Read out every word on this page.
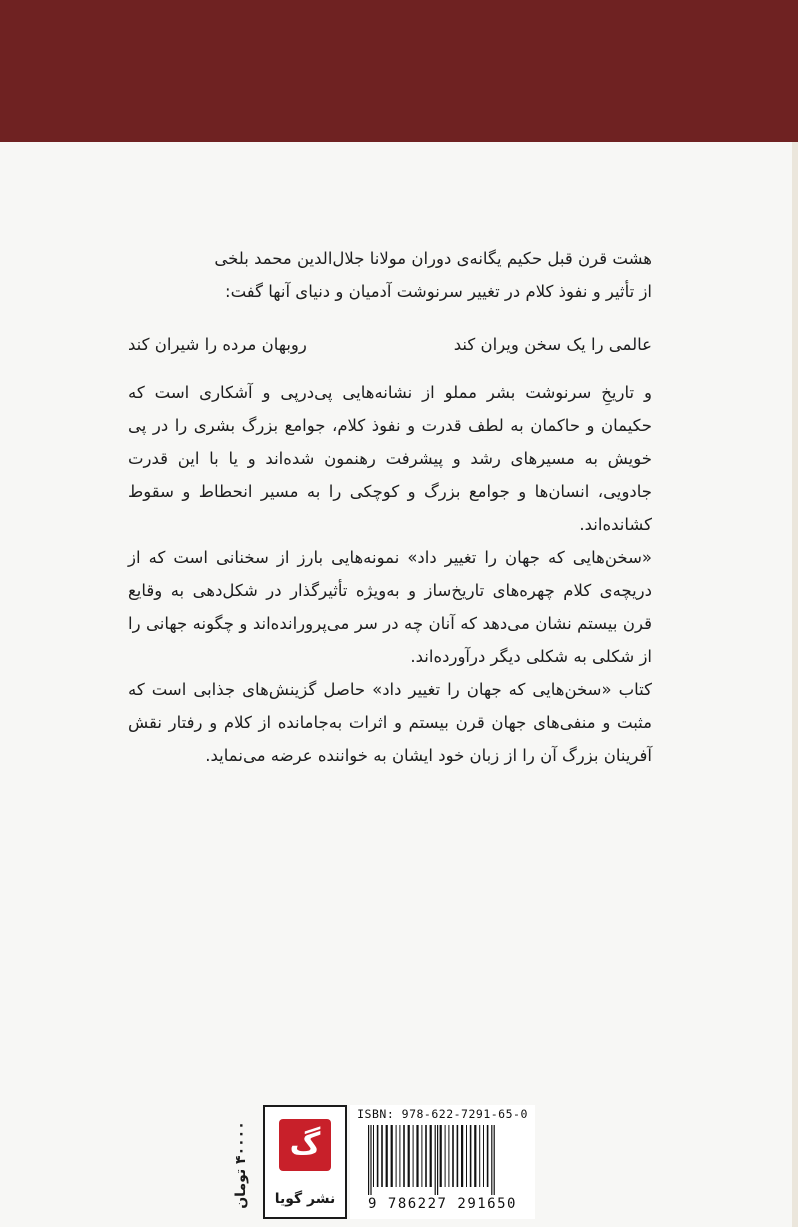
هشت قرن قبل حکیم یگانه‌ی دوران مولانا جلال‌الدین محمد بلخی

از تأثیر و نفوذ کلام در تغییر سرنوشت آدمیان و دنیای آنها گفت:

عالمی را یک سخن ویران کند
روبهان مرده را شیران کند

و تاریخِ سرنوشت بشر مملو از نشانه‌هایی پی‌درپی و آشکاری است که حکیمان و حاکمان به لطف قدرت و نفوذ کلام، جوامع بزرگ بشری را در پی خویش به مسیرهای رشد و پیشرفت رهنمون شده‌اند و یا با این قدرت جادویی، انسان‌ها و جوامع بزرگ و کوچکی را به مسیر انحطاط و سقوط کشانده‌اند.

«سخن‌هایی که جهان را تغییر داد» نمونه‌هایی بارز از سخنانی است که از دریچه‌ی کلام چهره‌های تاریخ‌ساز و به‌ویژه تأثیرگذار در شکل‌دهی به وقایع قرن بیستم نشان می‌دهد که آنان چه در سر می‌پرورانده‌اند و چگونه جهانی را از شکلی به شکلی دیگر درآورده‌اند.

کتاب «سخن‌هایی که جهان را تغییر داد» حاصل گزینش‌های جذابی است که مثبت و منفی‌های جهان قرن بیستم و اثرات به‌جامانده از کلام و رفتار نقش آفرینان بزرگ آن را از زبان خود ایشان به خواننده عرضه می‌نماید.

۴۰۰۰۰ تومان	گ
نشر گویا
ISBN: 978-622-7291-65-0
9 786227 291650
